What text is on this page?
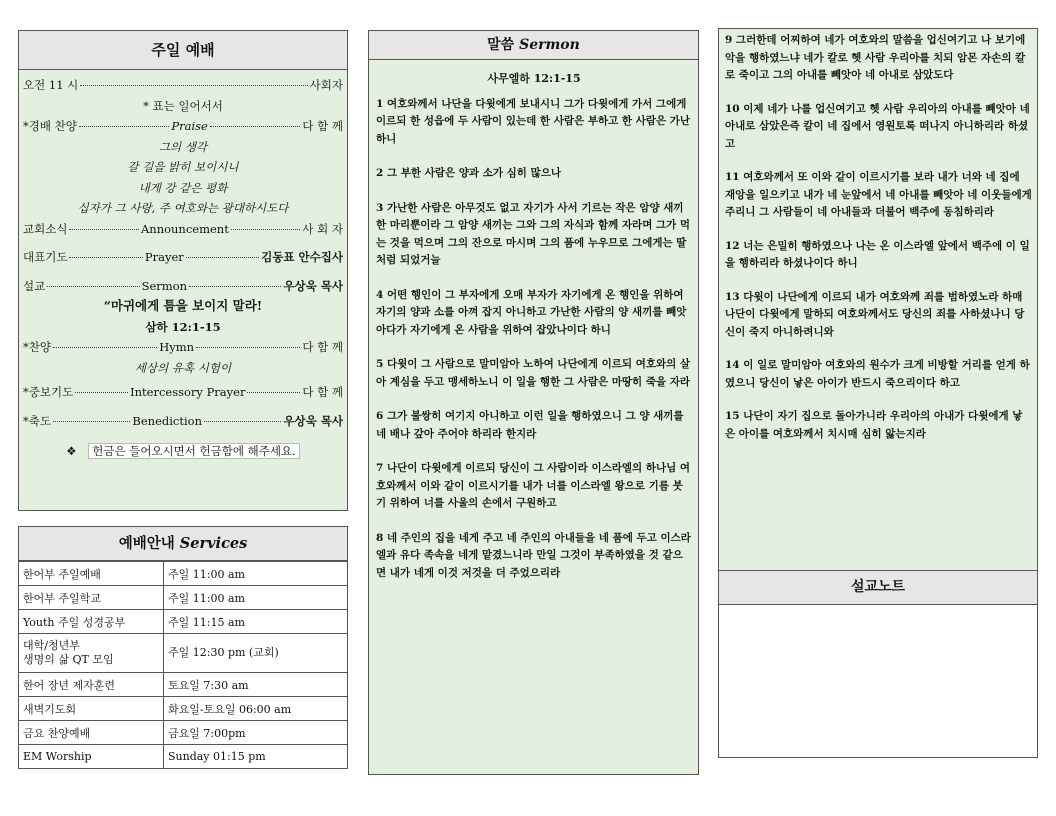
주일 예배
오전 11 시	사회자
* 표는 일어서서
*경배 찬양	Praise	다 함 께
그의 생각
갈 길을 밝히 보이시니
내게 강 같은 평화
십자가 그 사랑, 주 여호와는 광대하시도다
교회소식	Announcement	사 회 자
대표기도	Prayer	김동표 안수집사
설교	Sermon	우상욱 목사
“마귀에게 틈을 보이지 말라!
삼하 12:1-15
*찬양	Hymn	다 함 께
세상의 유혹 시험이
*중보기도	Intercessory Prayer	다 함 께
*축도	Benediction	우상욱 목사
❖ 헌금은 들어오시면서 헌금함에 해주세요.
예배안내 Services
한어부 주일예배	주일 11:00 am
한어부 주일학교	주일 11:00 am
Youth 주일 성경공부	주일 11:15 am

대학/청년부
생명의 삶 QT 모임	주일 12:30 pm (교회)
한어 장년 제자훈련	토요일 7:30 am
새벽기도회	화요일-토요일 06:00 am
금요 찬양예배	금요일 7:00pm
EM Worship	Sunday 01:15 pm
말씀 Sermon

사무엘하 12:1-15

1 여호와께서 나단을 다윗에게 보내시니 그가 다윗에게 가서 그에게 이르되 한 성읍에 두 사람이 있는데 한 사람은 부하고 한 사람은 가난하니

2 그 부한 사람은 양과 소가 심히 많으나

3 가난한 사람은 아무것도 없고 자기가 사서 기르는 작은 암양 새끼 한 마리뿐이라 그 암양 새끼는 그와 그의 자식과 함께 자라며 그가 먹는 것을 먹으며 그의 잔으로 마시며 그의 품에 누우므로 그에게는 딸처럼 되었거늘

4 어떤 행인이 그 부자에게 오매 부자가 자기에게 온 행인을 위하여 자기의 양과 소를 아껴 잡지 아니하고 가난한 사람의 양 새끼를 빼앗아다가 자기에게 온 사람을 위하여 잡았나이다 하니

5 다윗이 그 사람으로 말미암아 노하여 나단에게 이르되 여호와의 살아 계심을 두고 맹세하노니 이 일을 행한 그 사람은 마땅히 죽을 자라

6 그가 불쌍히 여기지 아니하고 이런 일을 행하였으니 그 양 새끼를 네 배나 갚아 주어야 하리라 한지라

7 나단이 다윗에게 이르되 당신이 그 사람이라 이스라엘의 하나님 여호와께서 이와 같이 이르시기를 내가 너를 이스라엘 왕으로 기름 붓기 위하여 너를 사울의 손에서 구원하고

8 네 주인의 집을 네게 주고 네 주인의 아내들을 네 품에 두고 이스라엘과 유다 족속을 네게 맡겼느니라 만일 그것이 부족하였을 것 같으면 내가 네게 이것 저것을 더 주었으리라

9 그러한데 어찌하여 네가 여호와의 말씀을 업신여기고 나 보기에 악을 행하였느냐 네가 칼로 헷 사람 우리아를 치되 암몬 자손의 칼로 죽이고 그의 아내를 빼앗아 네 아내로 삼았도다

10 이제 네가 나를 업신여기고 헷 사람 우리아의 아내를 빼앗아 네 아내로 삼았은즉 칼이 네 집에서 영원토록 떠나지 아니하리라 하셨고

11 여호와께서 또 이와 같이 이르시기를 보라 내가 너와 네 집에 재앙을 일으키고 내가 네 눈앞에서 네 아내를 빼앗아 네 이웃들에게 주리니 그 사람들이 네 아내들과 더불어 백주에 동침하리라

12 너는 은밀히 행하였으나 나는 온 이스라엘 앞에서 백주에 이 일을 행하리라 하셨나이다 하니

13 다윗이 나단에게 이르되 내가 여호와께 죄를 범하였노라 하매 나단이 다윗에게 말하되 여호와께서도 당신의 죄를 사하셨나니 당신이 죽지 아니하려니와

14 이 일로 말미암아 여호와의 원수가 크게 비방할 거리를 얻게 하였으니 당신이 낳은 아이가 반드시 죽으리이다 하고

15 나단이 자기 집으로 돌아가니라 우리아의 아내가 다윗에게 낳은 아이를 여호와께서 치시매 심히 앓는지라

설교노트
